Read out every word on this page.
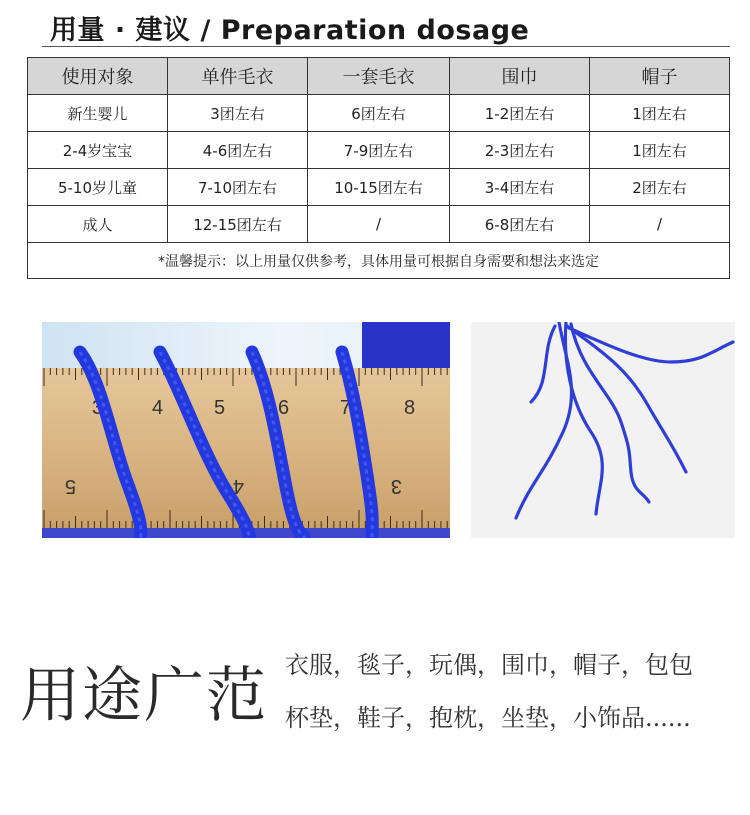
用量 · 建议 / Preparation dosage
使用对象	单件毛衣	一套毛衣	围巾	帽子
新生婴儿	3团左右	6团左右	1-2团左右	1团左右
2-4岁宝宝	4-6团左右	7-9团左右	2-3团左右	1团左右
5-10岁儿童	7-10团左右	10-15团左右	3-4团左右	2团左右
成人	12-15团左右	/	6-8团左右	/
*温馨提示：以上用量仅供参考，具体用量可根据自身需要和想法来选定				
3 4	5	6	7	8
5	4	3
用途广范 衣服，毯子，玩偶，围巾，帽子，包包
杯垫，鞋子，抱枕，坐垫，小饰品......
